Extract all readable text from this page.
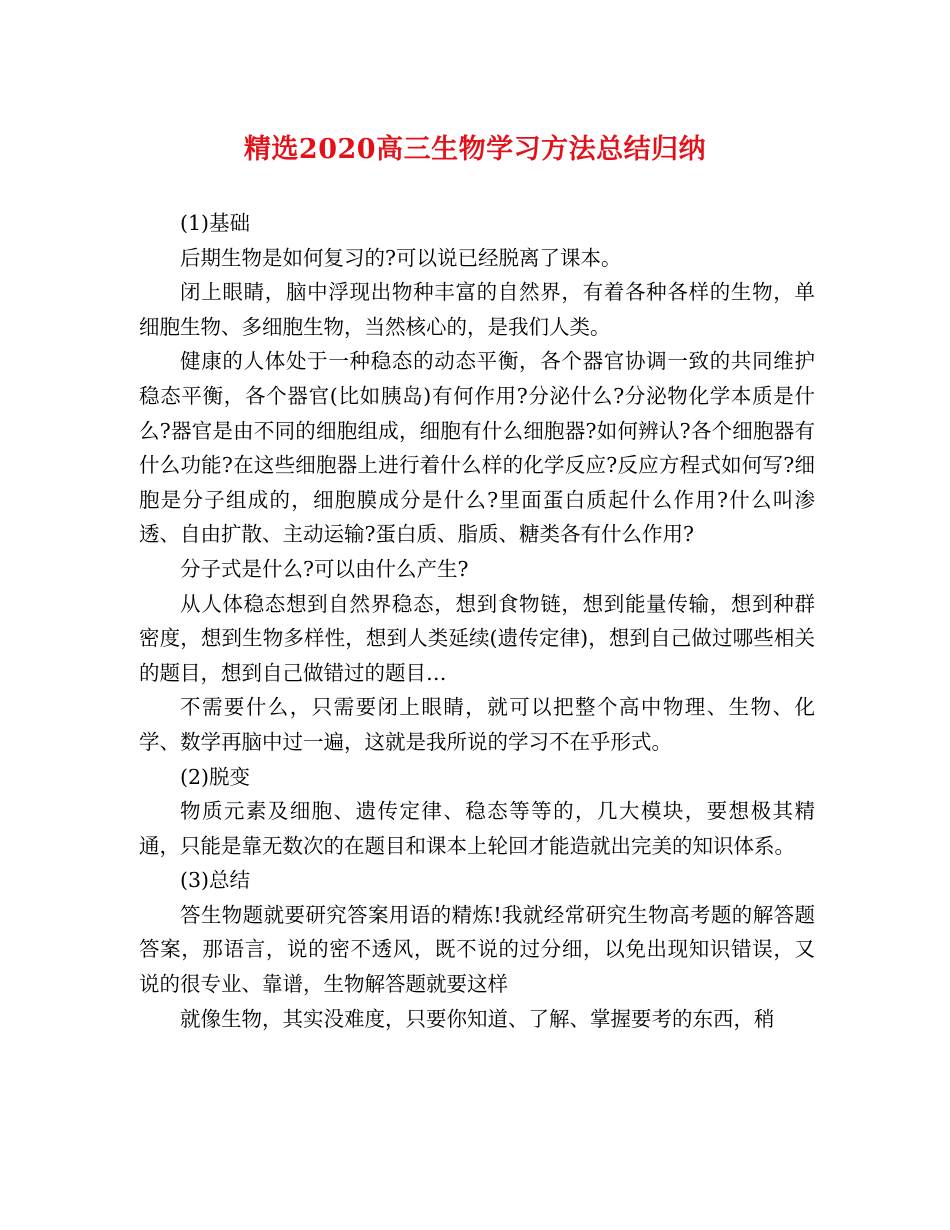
精选2020高三生物学习方法总结归纳

(1)基础

后期生物是如何复习的?可以说已经脱离了课本。

闭上眼睛，脑中浮现出物种丰富的自然界，有着各种各样的生物，单细胞生物、多细胞生物，当然核心的，是我们人类。

健康的人体处于一种稳态的动态平衡，各个器官协调一致的共同维护稳态平衡，各个器官(比如胰岛)有何作用?分泌什么?分泌物化学本质是什么?器官是由不同的细胞组成，细胞有什么细胞器?如何辨认?各个细胞器有什么功能?在这些细胞器上进行着什么样的化学反应?反应方程式如何写?细胞是分子组成的，细胞膜成分是什么?里面蛋白质起什么作用?什么叫渗透、自由扩散、主动运输?蛋白质、脂质、糖类各有什么作用?

分子式是什么?可以由什么产生?

从人体稳态想到自然界稳态，想到食物链，想到能量传输，想到种群密度，想到生物多样性，想到人类延续(遗传定律)，想到自己做过哪些相关的题目，想到自己做错过的题目…

不需要什么，只需要闭上眼睛，就可以把整个高中物理、生物、化学、数学再脑中过一遍，这就是我所说的学习不在乎形式。

(2)脱变

物质元素及细胞、遗传定律、稳态等等的，几大模块，要想极其精通，只能是靠无数次的在题目和课本上轮回才能造就出完美的知识体系。

(3)总结

答生物题就要研究答案用语的精炼!我就经常研究生物高考题的解答题答案，那语言，说的密不透风，既不说的过分细，以免出现知识错误，又说的很专业、靠谱，生物解答题就要这样

就像生物，其实没难度，只要你知道、了解、掌握要考的东西，稍
